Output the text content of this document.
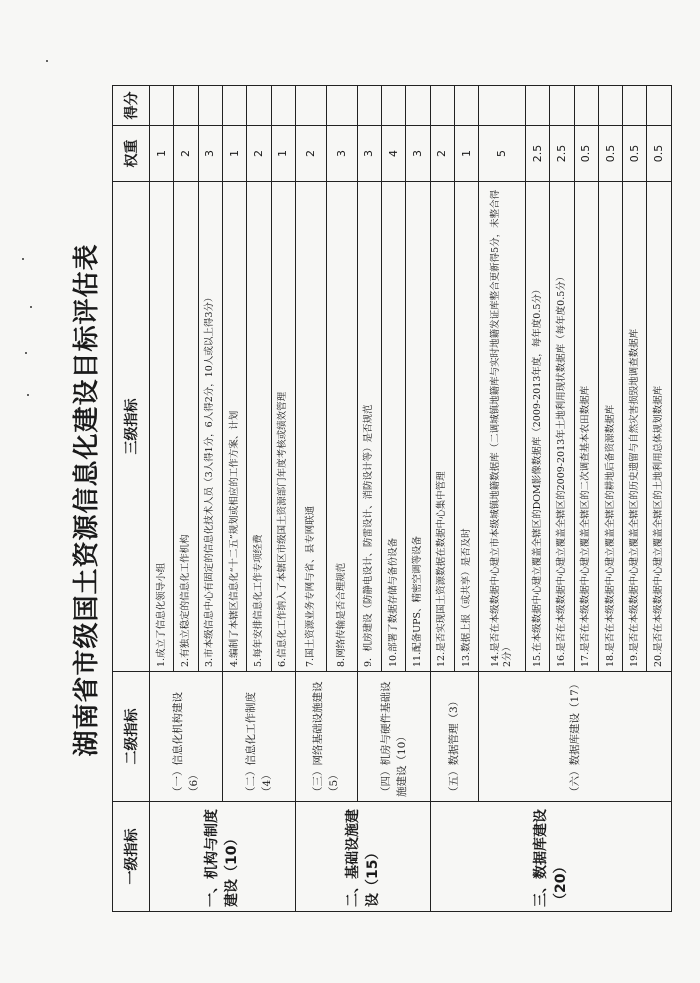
湖南省市级国土资源信息化建设目标评估表
一级指标	二级指标	三级指标	权重	得分
一、机构与制度建设（10）	（一）信息化机构建设（6）	1.成立了信息化领导小组	1	
		2.有独立稳定的信息化工作机构	2	
		3.市本级信息中心有固定的信息化技术人员（3人得1分，6人得2分，10人或以上得3分）	3	
	（二）信息化工作制度（4）	4.编制了本辖区信息化“十二五”规划或相应的工作方案、计划	1	
		5.每年安排信息化工作专项经费	2	
		6.信息化工作纳入了本辖区市级国土资源部门年度考核或绩效管理	1	
二、基础设施建设（15）	（三）网络基础设施建设（5）	7.国土资源业务专网与省、县专网联通	2	
		8.网络传输是否合理规范	3	
	（四）机房与硬件基础设施建设（10）	9．机房建设（防静电设计、防雷设计、消防设计等）是否规范	3	
		10.部署了数据存储与备份设备	4	
		11.配备UPS、精密空调等设备	3	
三、数据库建设（20）	（五）数据管理（3）	12.是否实现国土资源数据在数据中心集中管理	2	
		13.数据上报（或共享）是否及时	1	
	（六）数据库建设（17）	14.是否在本级数据中心建立市本级城镇地籍数据库（二调城镇地籍库与实时地籍发证库整合更新得5分，未整合得2分）	5	
		15.在本级数据中心建立覆盖全辖区的DOM影像数据库（2009-2013年度，每年度0.5分）	2.5	
		16.是否在本级数据中心建立覆盖全辖区的2009-2013年土地利用现状数据库（每年度0.5分）	2.5	
		17.是否在本级数据中心建立覆盖全辖区的二次调查基本农田数据库	0.5	
		18.是否在本级数据中心建立覆盖全辖区的耕地后备资源数据库	0.5	
		19.是否在本级数据中心建立覆盖全辖区的历史遗留与自然灾害损毁地调查数据库	0.5	
		20.是否在本级数据中心建立覆盖全辖区的土地利用总体规划数据库	0.5	
